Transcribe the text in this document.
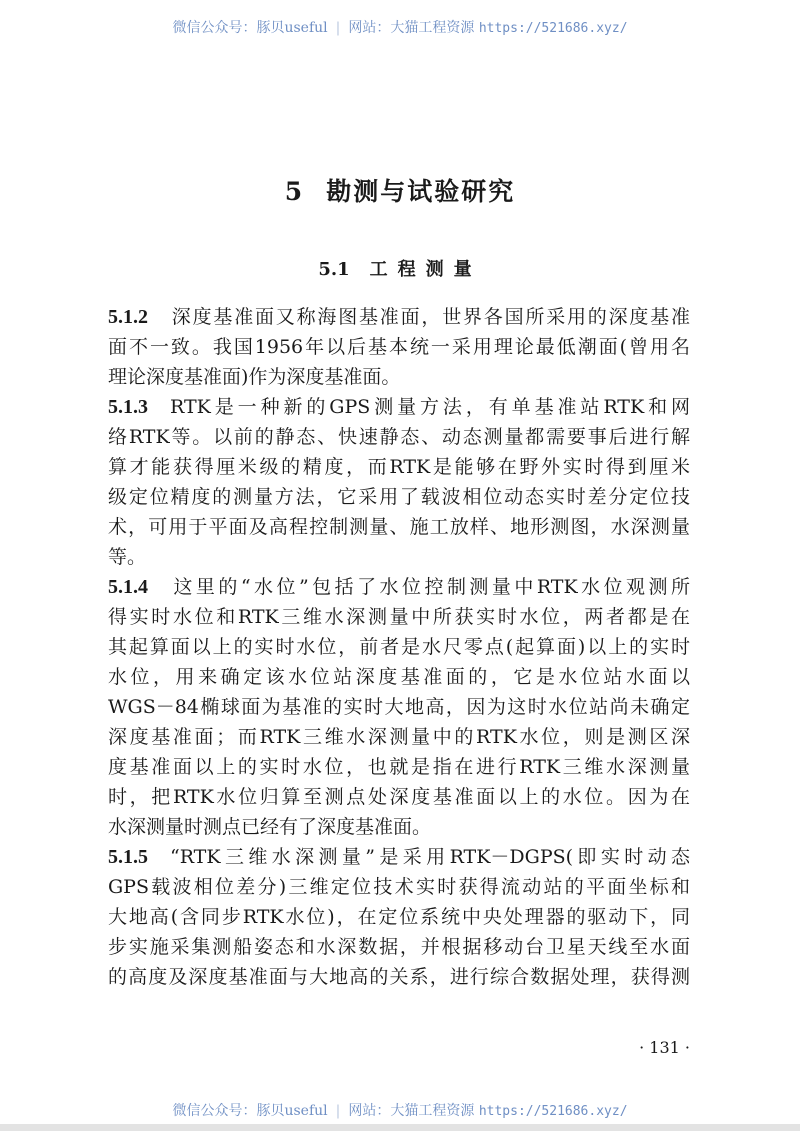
微信公众号：豚贝useful | 网站：大猫工程资源 https://521686.xyz/
5 勘测与试验研究
5.1 工程测量
5.1.2 深度基准面又称海图基准面，世界各国所采用的深度基准
面不一致。我国1956年以后基本统一采用理论最低潮面(曾用名
理论深度基准面)作为深度基准面。
5.1.3 RTK是一种新的GPS测量方法，有单基准站RTK和网
络RTK等。以前的静态、快速静态、动态测量都需要事后进行解
算才能获得厘米级的精度，而RTK是能够在野外实时得到厘米
级定位精度的测量方法，它采用了载波相位动态实时差分定位技
术，可用于平面及高程控制测量、施工放样、地形测图，水深测量
等。
5.1.4 这里的“水位”包括了水位控制测量中RTK水位观测所
得实时水位和RTK三维水深测量中所获实时水位，两者都是在
其起算面以上的实时水位，前者是水尺零点(起算面)以上的实时
水位，用来确定该水位站深度基准面的，它是水位站水面以
WGS－84椭球面为基准的实时大地高，因为这时水位站尚未确定
深度基准面；而RTK三维水深测量中的RTK水位，则是测区深
度基准面以上的实时水位，也就是指在进行RTK三维水深测量
时，把RTK水位归算至测点处深度基准面以上的水位。因为在
水深测量时测点已经有了深度基准面。
5.1.5 “RTK三维水深测量”是采用RTK－DGPS(即实时动态
GPS载波相位差分)三维定位技术实时获得流动站的平面坐标和
大地高(含同步RTK水位)，在定位系统中央处理器的驱动下，同
步实施采集测船姿态和水深数据，并根据移动台卫星天线至水面
的高度及深度基准面与大地高的关系，进行综合数据处理，获得测
· 131 ·
微信公众号：豚贝useful | 网站：大猫工程资源 https://521686.xyz/
